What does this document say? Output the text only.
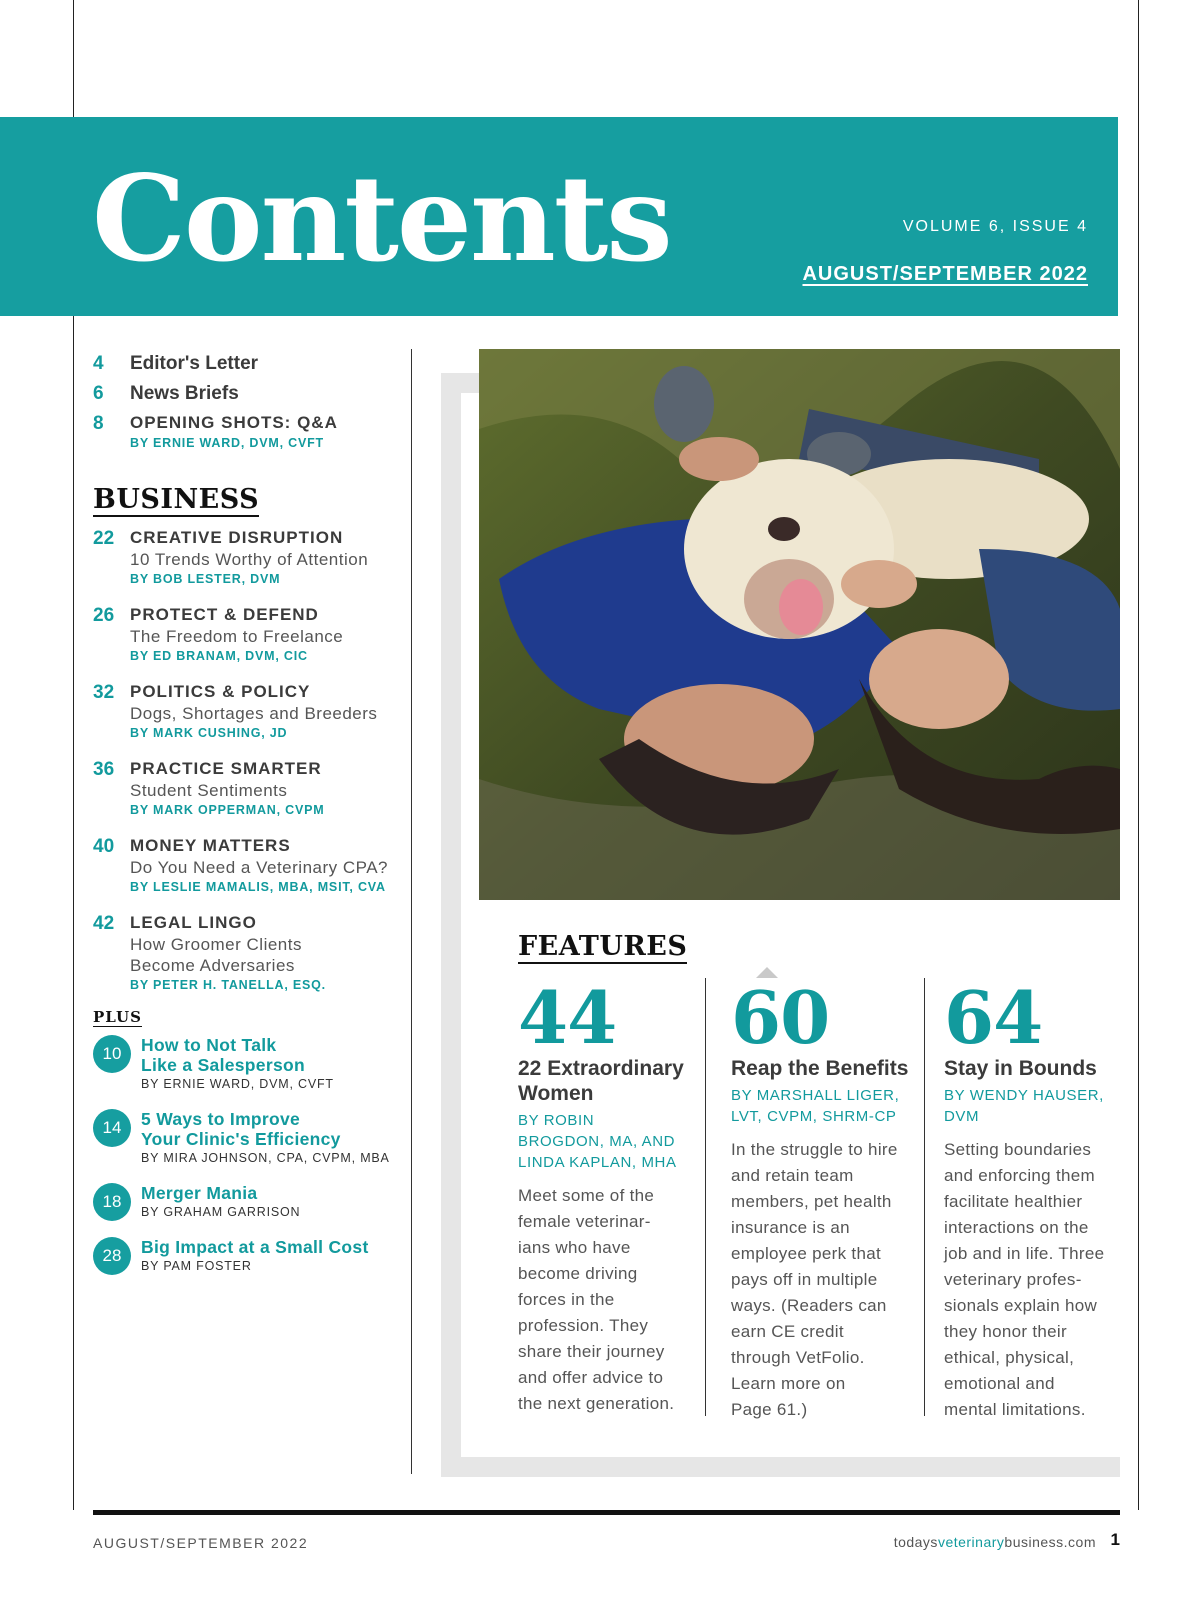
Contents	VOLUME 6, ISSUE 4
AUGUST/SEPTEMBER 2022
4	Editor's Letter
6	News Briefs
8	OPENING SHOTS: Q&A
BY ERNIE WARD, DVM, CVFT
BUSINESS
22 CREATIVE DISRUPTION
10 Trends Worthy of Attention
BY BOB LESTER, DVM
26 PROTECT & DEFEND
The Freedom to Freelance
BY ED BRANAM, DVM, CIC
32 POLITICS & POLICY
Dogs, Shortages and Breeders
BY MARK CUSHING, JD
36 PRACTICE SMARTER
Student Sentiments
BY MARK OPPERMAN, CVPM
40 MONEY MATTERS
Do You Need a Veterinary CPA?
BY LESLIE MAMALIS, MBA, MSIT, CVA
42 LEGAL LINGO
How Groomer Clients
Become Adversaries
BY PETER H. TANELLA, ESQ.
PLUS
10	How to Not Talk
Like a Salesperson
BY ERNIE WARD, DVM, CVFT
14	5 Ways to Improve
Your Clinic's Efficiency
BY MIRA JOHNSON, CPA, CVPM, MBA
18	Merger Mania
BY GRAHAM GARRISON
28	Big Impact at a Small Cost
BY PAM FOSTER
FEATURES
44
22 Extraordinary
Women
BY ROBIN
BROGDON, MA, AND
LINDA KAPLAN, MHA
Meet some of the
female veterinar-
ians who have
become driving
forces in the
profession. They
share their journey
and offer advice to
the next generation.
60
Reap the Benefits
BY MARSHALL LIGER,
LVT, CVPM, SHRM-CP
In the struggle to hire
and retain team
members, pet health
insurance is an
employee perk that
pays off in multiple
ways. (Readers can
earn CE credit
through VetFolio.
Learn more on
Page 61.)
64
Stay in Bounds
BY WENDY HAUSER,
DVM
Setting boundaries
and enforcing them
facilitate healthier
interactions on the
job and in life. Three
veterinary profes-
sionals explain how
they honor their
ethical, physical,
emotional and
mental limitations.
AUGUST/SEPTEMBER 2022	todaysveterinarybusiness.com 1
